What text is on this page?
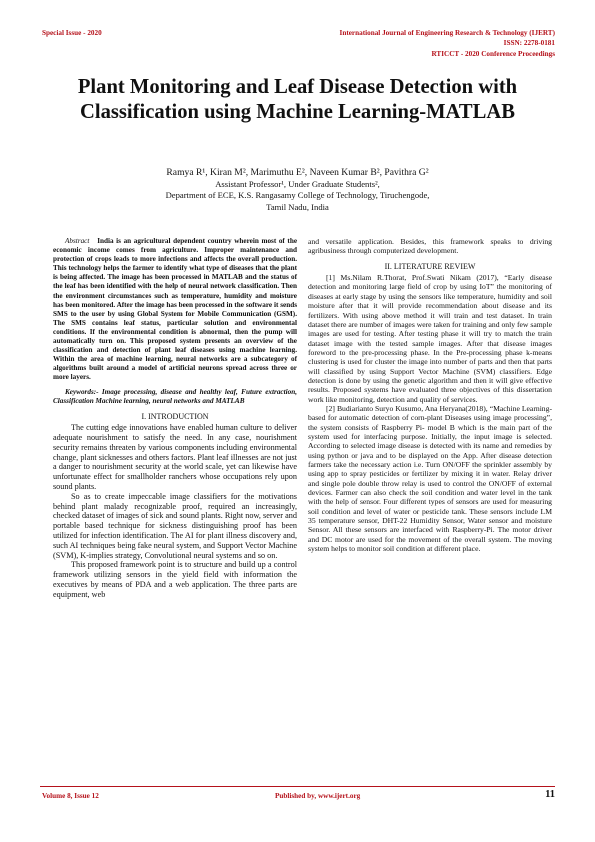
Special Issue - 2020	International Journal of Engineering Research & Technology (IJERT)
ISSN: 2278-0181
RTICCT - 2020 Conference Proceedings
Plant Monitoring and Leaf Disease Detection with Classification using Machine Learning-MATLAB
Ramya R¹, Kiran M², Marimuthu E², Naveen Kumar B², Pavithra G²
Assistant Professor¹, Under Graduate Students²,
Department of ECE, K.S. Rangasamy College of Technology, Tiruchengode,
Tamil Nadu, India

Abstract India is an agricultural dependent country wherein most of the economic income comes from agriculture. Improper maintenance and protection of crops leads to more infections and affects the overall production. This technology helps the farmer to identify what type of diseases that the plant is being affected. The image has been processed in MATLAB and the status of the leaf has been identified with the help of neural network classification. Then the environment circumstances such as temperature, humidity and moisture has been monitored. After the image has been processed in the software it sends SMS to the user by using Global System for Mobile Communication (GSM). The SMS contains leaf status, particular solution and environmental conditions. If the environmental condition is abnormal, then the pump will automatically turn on. This proposed system presents an overview of the classification and detection of plant leaf diseases using machine learning. Within the area of machine learning, neural networks are a subcategory of algorithms built around a model of artificial neurons spread across three or more layers.

Keywords:- Image processing, disease and healthy leaf, Future extraction, Classification Machine learning, neural networks and MATLAB

I. INTRODUCTION

The cutting edge innovations have enabled human culture to deliver adequate nourishment to satisfy the need. In any case, nourishment security remains threaten by various components including environmental change, plant sicknesses and others factors. Plant leaf illnesses are not just a danger to nourishment security at the world scale, yet can likewise have unfortunate effect for smallholder ranchers whose occupations rely upon sound plants.

So as to create impeccable image classifiers for the motivations behind plant malady recognizable proof, required an increasingly, checked dataset of images of sick and sound plants. Right now, server and portable based technique for sickness distinguishing proof has been utilized for infection identification. The AI for plant illness discovery and, such AI techniques being fake neural system, and Support Vector Machine (SVM), K-implies strategy, Convolutional neural systems and so on.

This proposed framework point is to structure and build up a control framework utilizing sensors in the yield field with information the executives by means of PDA and a web application. The three parts are equipment, web

and versatile application. Besides, this framework speaks to driving agribusiness through computerized development.

II. LITERATURE REVIEW

[1] Ms.Nilam R.Thorat, Prof.Swati Nikam (2017), “Early disease detection and monitoring large field of crop by using IoT” the monitoring of diseases at early stage by using the sensors like temperature, humidity and soil moisture after that it will provide recommendation about disease and its fertilizers. With using above method it will train and test dataset. In train dataset there are number of images were taken for training and only few sample images are used for testing. After testing phase it will try to match the train dataset image with the tested sample images. After that disease images foreword to the pre-processing phase. In the Pre-processing phase k-means clustering is used for cluster the image into number of parts and then that parts will classified by using Support Vector Machine (SVM) classifiers. Edge detection is done by using the genetic algorithm and then it will give effective results. Proposed systems have evaluated three objectives of this dissertation work like monitoring, detection and quality of services.

[2] Budiarianto Suryo Kusumo, Ana Heryana(2018), “Machine Learning-based for automatic detection of corn-plant Diseases using image processing”, the system consists of Raspberry Pi- model B which is the main part of the system used for interfacing purpose. Initially, the input image is selected. According to selected image disease is detected with its name and remedies by using python or java and to be displayed on the App. After disease detection farmers take the necessary action i.e. Turn ON/OFF the sprinkler assembly by using app to spray pesticides or fertilizer by mixing it in water. Relay driver and single pole double throw relay is used to control the ON/OFF of external devices. Farmer can also check the soil condition and water level in the tank with the help of sensor. Four different types of sensors are used for measuring soil condition and level of water or pesticide tank. These sensors include LM 35 temperature sensor, DHT-22 Humidity Sensor, Water sensor and moisture Sensor. All these sensors are interfaced with Raspberry-Pi. The motor driver and DC motor are used for the movement of the overall system. The moving system helps to monitor soil condition at different place.

Volume 8, Issue 12	Published by, www.ijert.org	11
